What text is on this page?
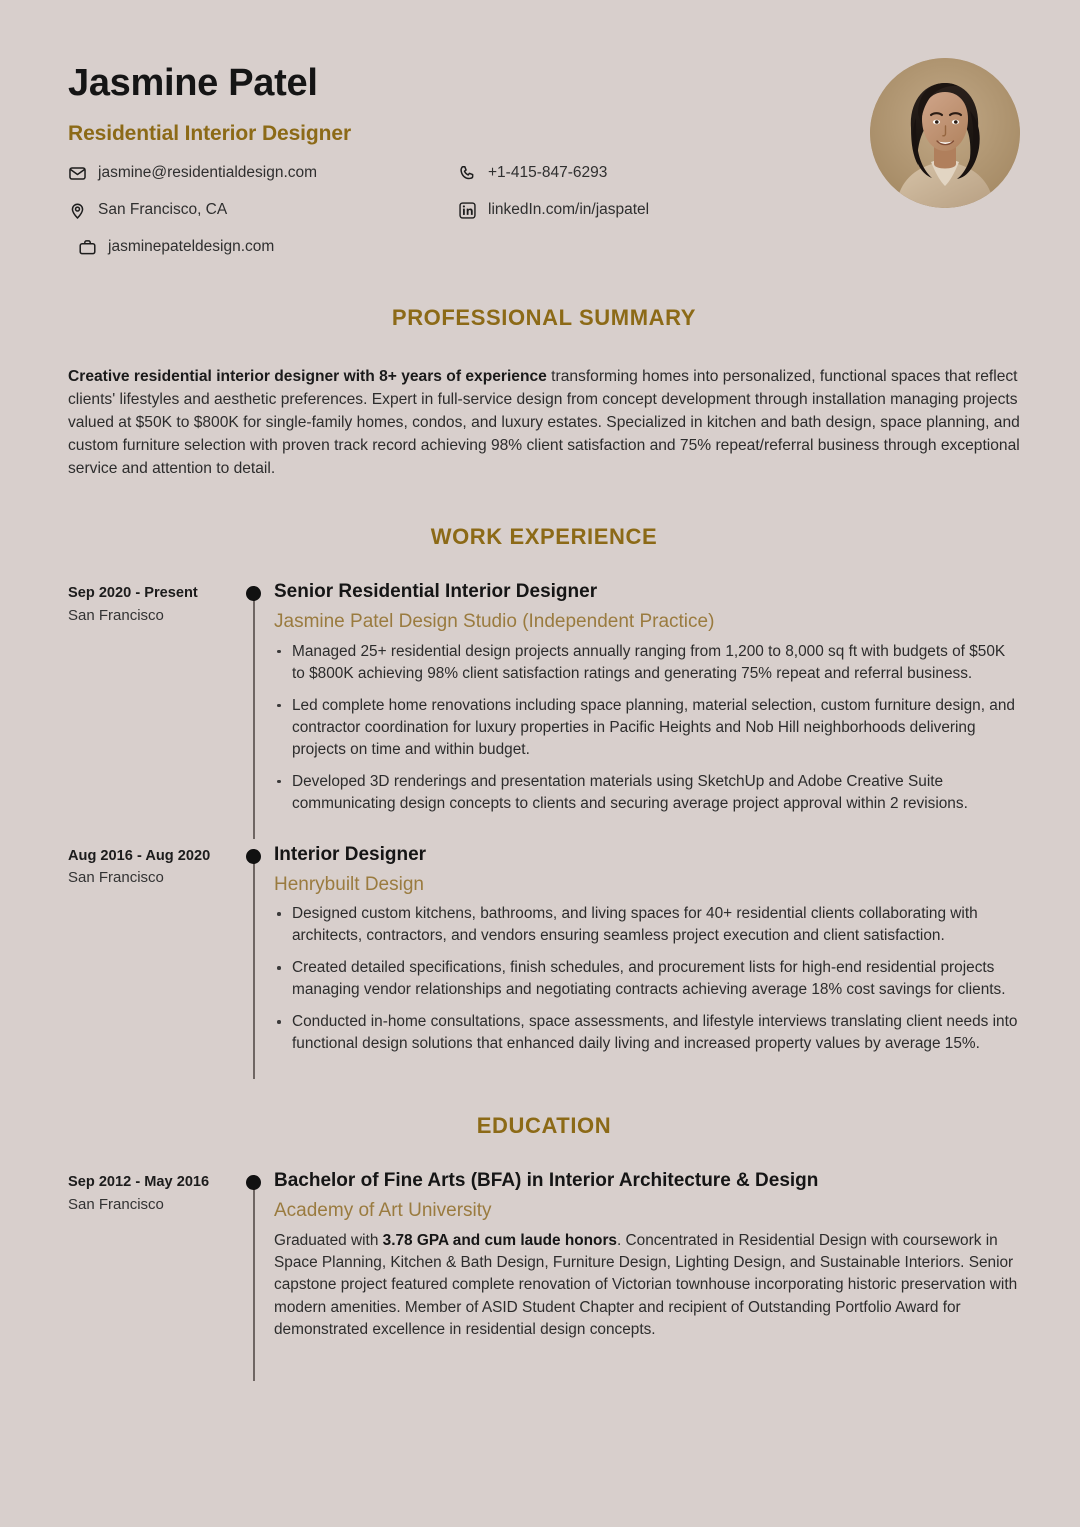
Jasmine Patel
Residential Interior Designer
jasmine@residentialdesign.com	+1-415-847-6293
San Francisco, CA	linkedIn.com/in/jaspatel
jasminepateldesign.com
PROFESSIONAL SUMMARY

Creative residential interior designer with 8+ years of experience transforming homes into personalized, functional spaces that reflect clients' lifestyles and aesthetic preferences. Expert in full-service design from concept development through installation managing projects valued at $50K to $800K for single-family homes, condos, and luxury estates. Specialized in kitchen and bath design, space planning, and custom furniture selection with proven track record achieving 98% client satisfaction and 75% repeat/referral business through exceptional service and attention to detail.

WORK EXPERIENCE
Sep 2020 - Present
San Francisco
Senior Residential Interior Designer
Jasmine Patel Design Studio (Independent Practice)
Managed 25+ residential design projects annually ranging from 1,200 to 8,000 sq ft with budgets of $50K to $800K achieving 98% client satisfaction ratings and generating 75% repeat and referral business.
Led complete home renovations including space planning, material selection, custom furniture design, and contractor coordination for luxury properties in Pacific Heights and Nob Hill neighborhoods delivering projects on time and within budget.
Developed 3D renderings and presentation materials using SketchUp and Adobe Creative Suite communicating design concepts to clients and securing average project approval within 2 revisions.
Aug 2016 - Aug 2020
San Francisco
Interior Designer
Henrybuilt Design
Designed custom kitchens, bathrooms, and living spaces for 40+ residential clients collaborating with architects, contractors, and vendors ensuring seamless project execution and client satisfaction.
Created detailed specifications, finish schedules, and procurement lists for high-end residential projects managing vendor relationships and negotiating contracts achieving average 18% cost savings for clients.
Conducted in-home consultations, space assessments, and lifestyle interviews translating client needs into functional design solutions that enhanced daily living and increased property values by average 15%.
EDUCATION
Sep 2012 - May 2016
San Francisco
Bachelor of Fine Arts (BFA) in Interior Architecture & Design
Academy of Art University

Graduated with 3.78 GPA and cum laude honors. Concentrated in Residential Design with coursework in Space Planning, Kitchen & Bath Design, Furniture Design, Lighting Design, and Sustainable Interiors. Senior capstone project featured complete renovation of Victorian townhouse incorporating historic preservation with modern amenities. Member of ASID Student Chapter and recipient of Outstanding Portfolio Award for demonstrated excellence in residential design concepts.
